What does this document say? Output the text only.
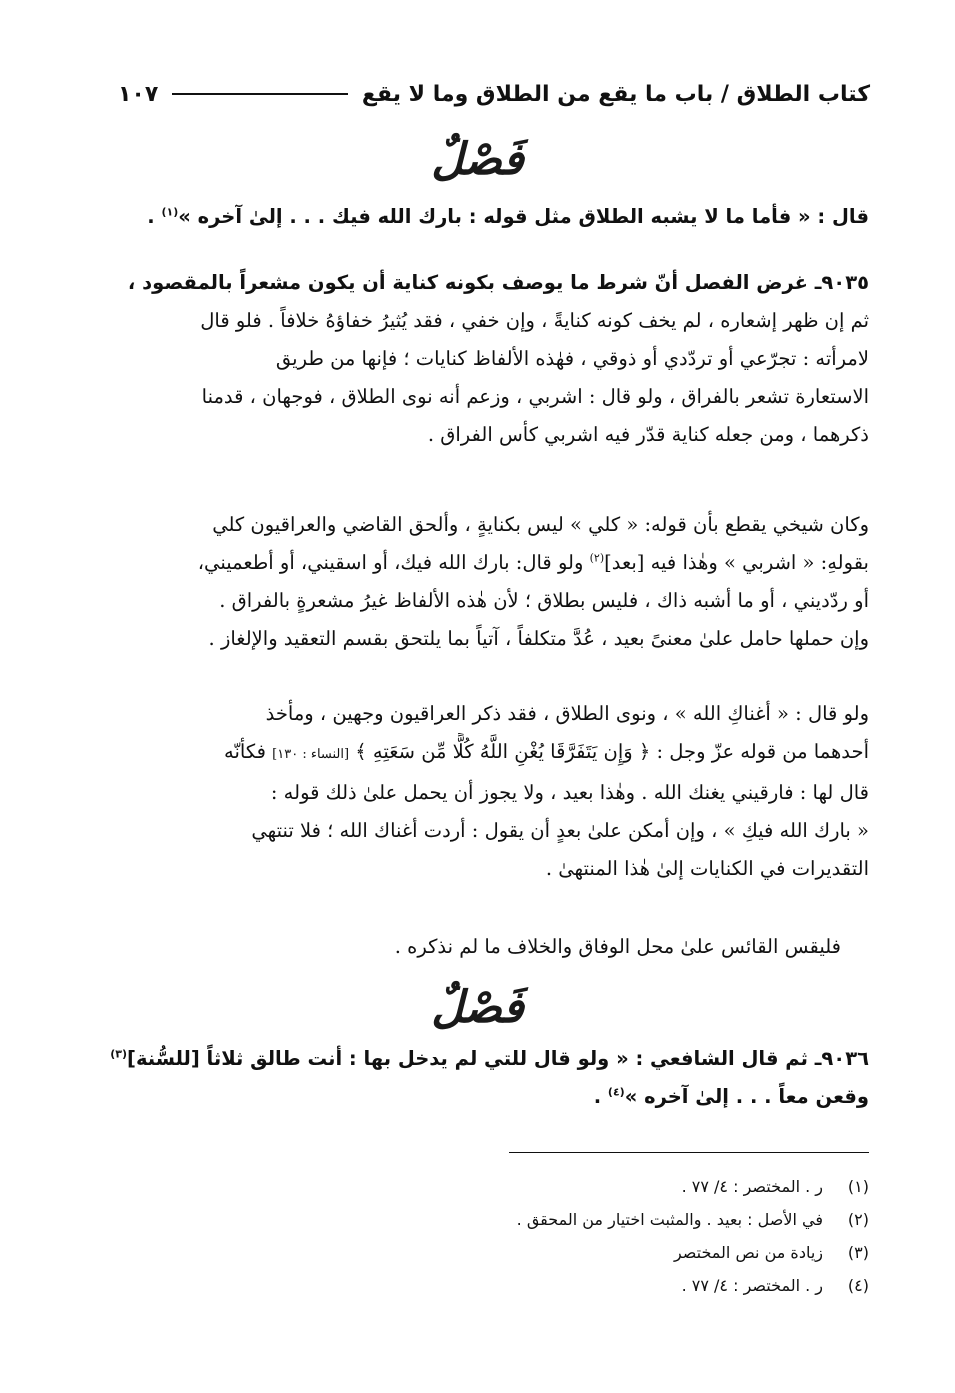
كتاب الطلاق / باب ما يقع من الطلاق وما لا يقع
١٠٧
فَصْلٌ
قال : « فأما ما لا يشبه الطلاق مثل قوله : بارك الله فيك . . . إلىٰ آخره »$^{(١)}$ .
٩٠٣٥ـ غرض الفصل أنّ شرط ما يوصف بكونه كناية أن يكون مشعراً بالمقصود ،
ثم إن ظهر إشعاره ، لم يخف كونه كنايةً ، وإن خفي ، فقد يُثيرُ خفاؤهُ خلافاً . فلو قال
لامرأته : تجرّعي أو تردّدي أو ذوقي ، فهٰذه الألفاظ كنايات ؛ فإنها من طريق
الاستعارة تشعر بالفراق ، ولو قال : اشربي ، وزعم أنه نوى الطلاق ، فوجهان ، قدمنا
ذكرهما ، ومن جعله كناية قدّر فيه اشربي كأس الفراق .
وكان شيخي يقطع بأن قوله: « كلي » ليس بكنايةٍ ، وألحق القاضي والعراقيون كلي
بقولهِ: « اشربي » وهٰذا فيه [بعد]$^{(٢)}$ ولو قال: بارك الله فيك، أو اسقيني، أو أطعميني،
أو ردّديني ، أو ما أشبه ذاك ، فليس بطلاق ؛ لأن هٰذه الألفاظ غيرُ مشعرةٍ بالفراق .
وإن حملها حامل علىٰ معنىً بعيد ، عُدَّ متكلفاً ، آتياً بما يلتحق بقسم التعقيد والإلغاز .
ولو قال : « أغناكِ الله » ، ونوى الطلاق ، فقد ذكر العراقيون وجهين ، ومأخذ
أحدهما من قوله عزّ وجل : ﴿ وَإِن يَتَفَرَّقَا يُغْنِ اللَّهُ كُلًّا مِّن سَعَتِهِ ﴾ [النساء : ١٣٠] فكأنّه
قال لها : فارقيني يغنك الله . وهٰذا بعيد ، ولا يجوز أن يحمل علىٰ ذلك قوله :
« بارك الله فيكِ » ، وإن أمكن علىٰ بعدٍ أن يقول : أردت أغناك الله ؛ فلا تنتهي
التقديرات في الكنايات إلىٰ هٰذا المنتهىٰ .
فليقس القائس علىٰ محل الوفاق والخلاف ما لم نذكره .
فَصْلٌ
٩٠٣٦ـ ثم قال الشافعي : « ولو قال للتي لم يدخل بها : أنت طالق ثلاثاً [للسُّنة]$^{(٣)}$
وقعن معاً . . . إلىٰ آخره »$^{(٤)}$ .
(١)
ر . المختصر : ٤/ ٧٧ .
(٢)
في الأصل : بعيد . والمثبت اختيار من المحقق .
(٣)
زيادة من نص المختصر
(٤)
ر . المختصر : ٤/ ٧٧ .
